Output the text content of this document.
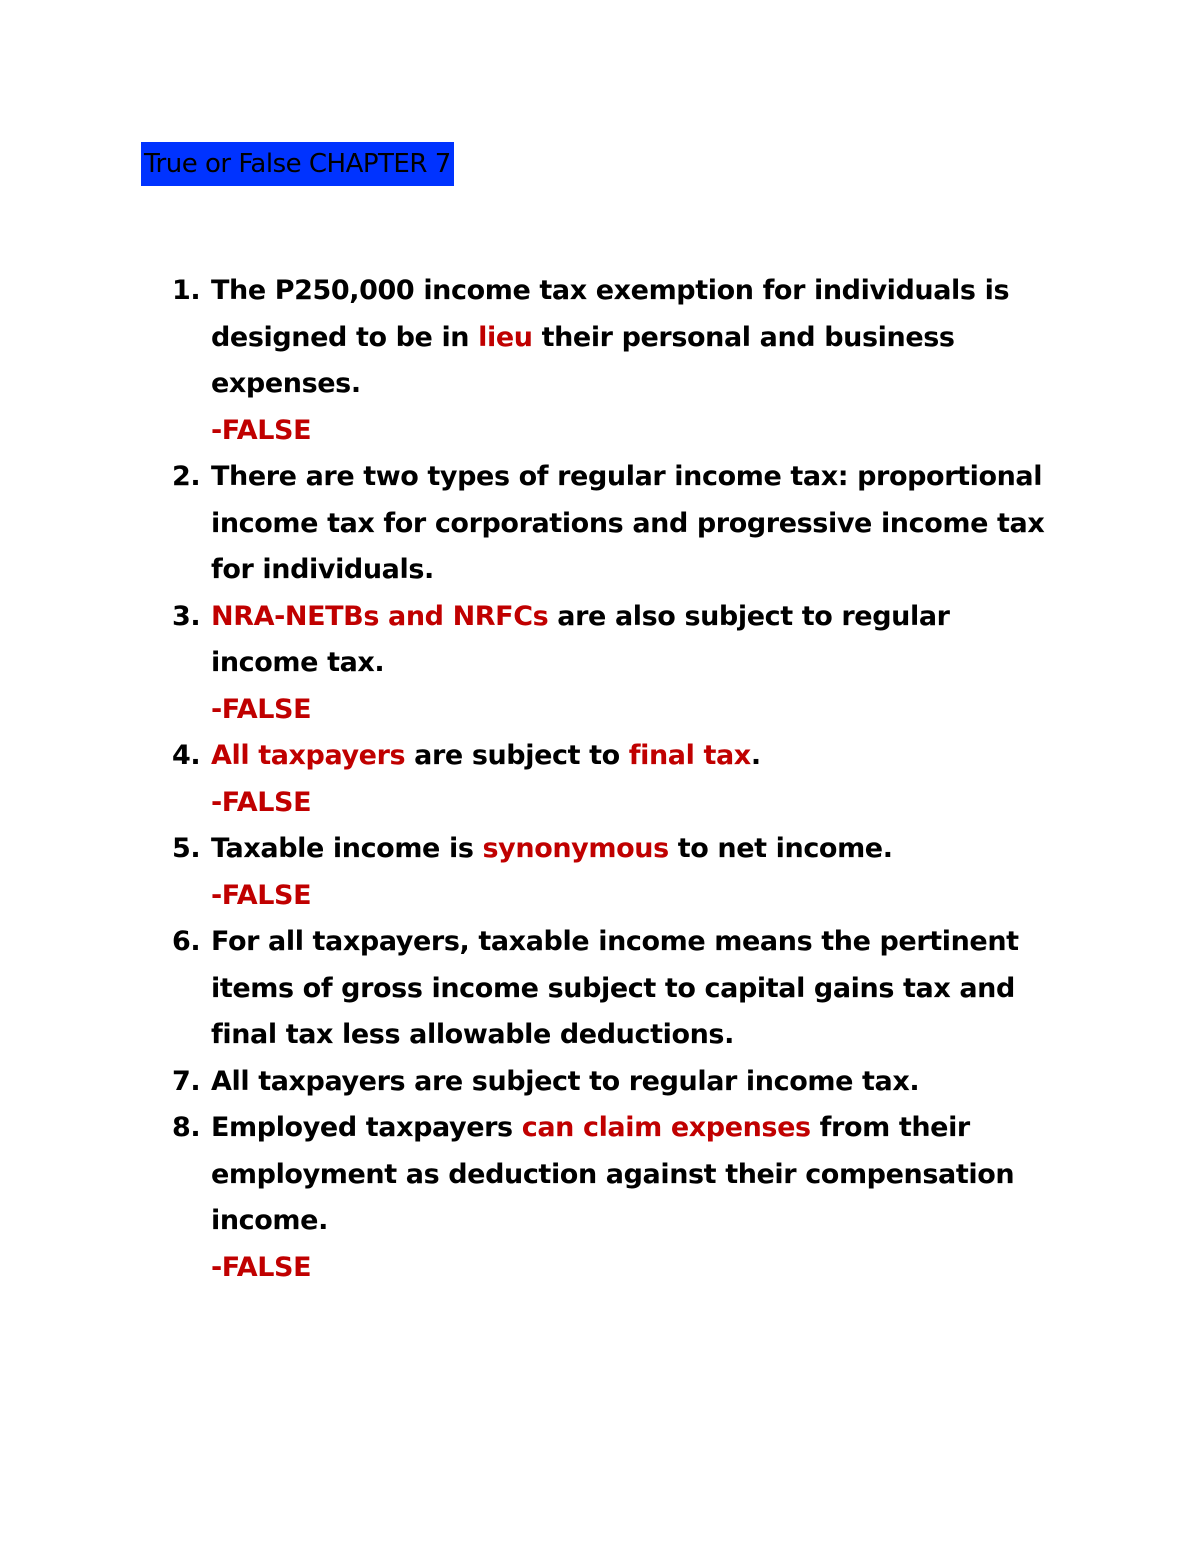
True or False CHAPTER 7
1. The P250,000 income tax exemption for individuals is designed to be in lieu their personal and business expenses.
-FALSE
2. There are two types of regular income tax: proportional income tax for corporations and progressive income tax for individuals.
3. NRA-NETBs and NRFCs are also subject to regular income tax.
-FALSE
4. All taxpayers are subject to final tax.
-FALSE
5. Taxable income is synonymous to net income.
-FALSE
6. For all taxpayers, taxable income means the pertinent items of gross income subject to capital gains tax and final tax less allowable deductions.
7. All taxpayers are subject to regular income tax.
8. Employed taxpayers can claim expenses from their employment as deduction against their compensation income.
-FALSE
